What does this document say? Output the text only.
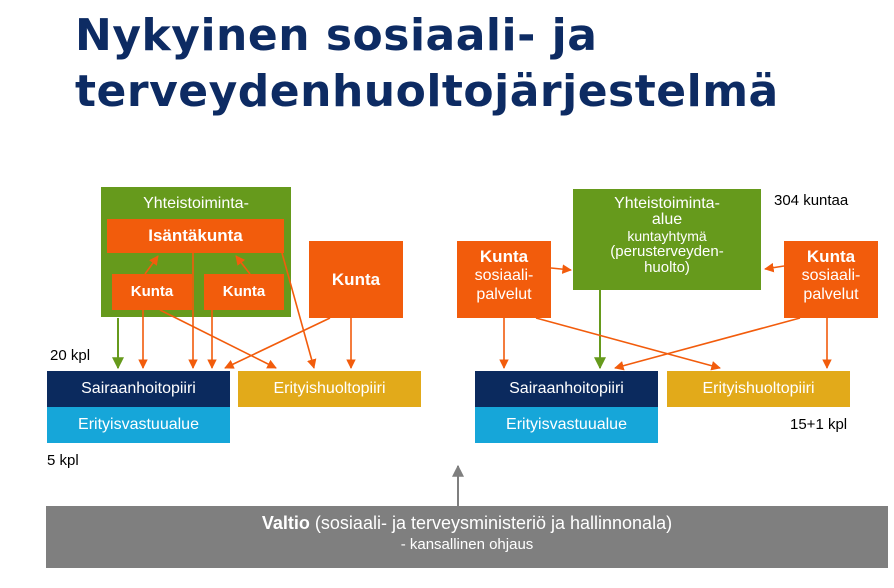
Nykyinen sosiaali- ja
terveydenhuoltojärjestelmä
Yhteistoiminta-
Isäntäkunta
Kunta	Kunta
Kunta
20 kpl
Sairaanhoitopiiri
Erityisvastuualue
Erityishuoltopiiri
5 kpl
Yhteistoiminta-
alue
kuntayhtymä
(perusterveyden-
huolto)
304 kuntaa
Kunta
sosiaali-
palvelut
Kunta
sosiaali-
palvelut
Sairaanhoitopiiri
Erityisvastuualue
Erityishuoltopiiri
15+1 kpl
Valtio (sosiaali- ja terveysministeriö ja hallinnonala)
- kansallinen ohjaus
